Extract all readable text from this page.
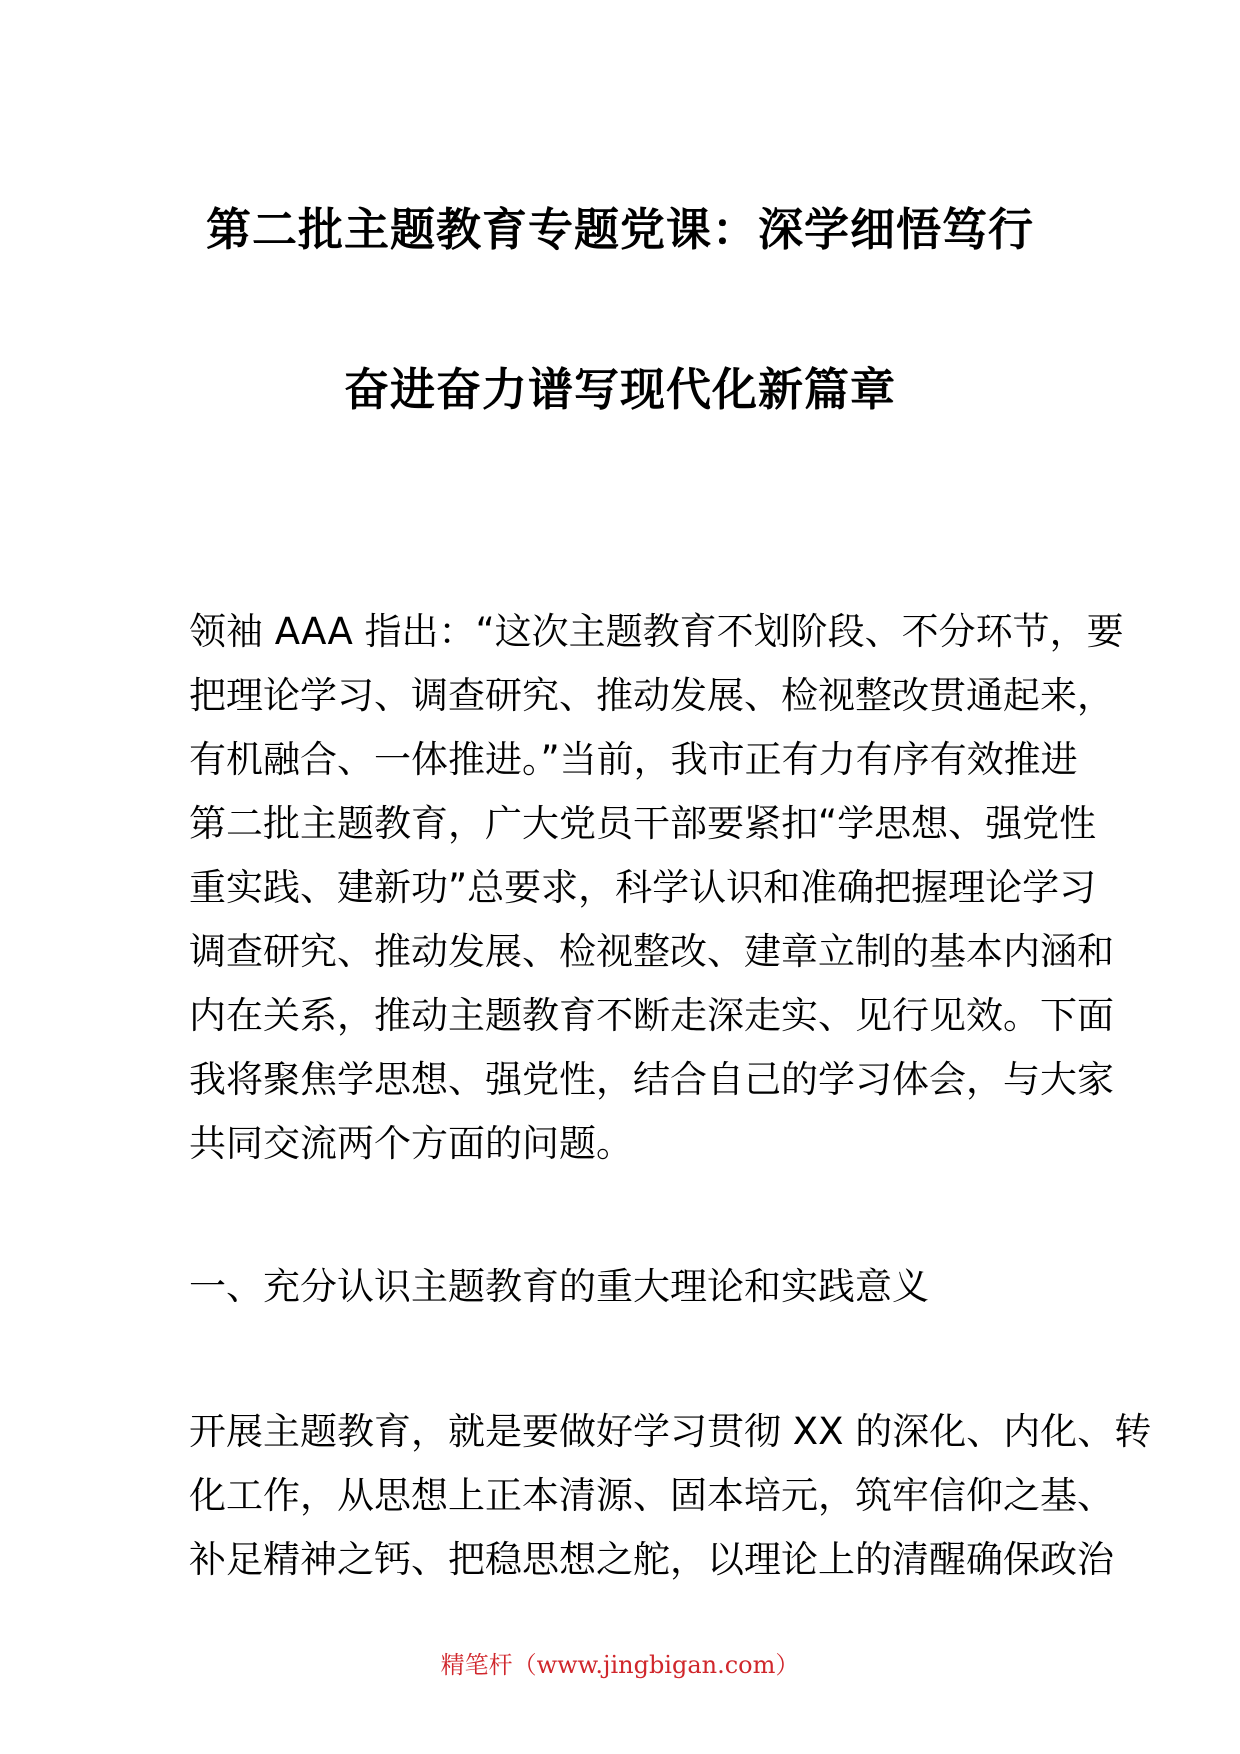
第二批主题教育专题党课：深学细悟笃行
奋进奋力谱写现代化新篇章
领袖 AAA 指出：“这次主题教育不划阶段、不分环节，要
把理论学习、调查研究、推动发展、检视整改贯通起来，
有机融合、一体推进。”当前，我市正有力有序有效推进
第二批主题教育，广大党员干部要紧扣“学思想、强党性
重实践、建新功”总要求，科学认识和准确把握理论学习
调查研究、推动发展、检视整改、建章立制的基本内涵和
内在关系，推动主题教育不断走深走实、见行见效。下面
我将聚焦学思想、强党性，结合自己的学习体会，与大家
共同交流两个方面的问题。
一、充分认识主题教育的重大理论和实践意义
开展主题教育，就是要做好学习贯彻 XX 的深化、内化、转
化工作，从思想上正本清源、固本培元，筑牢信仰之基、
补足精神之钙、把稳思想之舵，以理论上的清醒确保政治
精笔杆（www.jingbigan.com）
